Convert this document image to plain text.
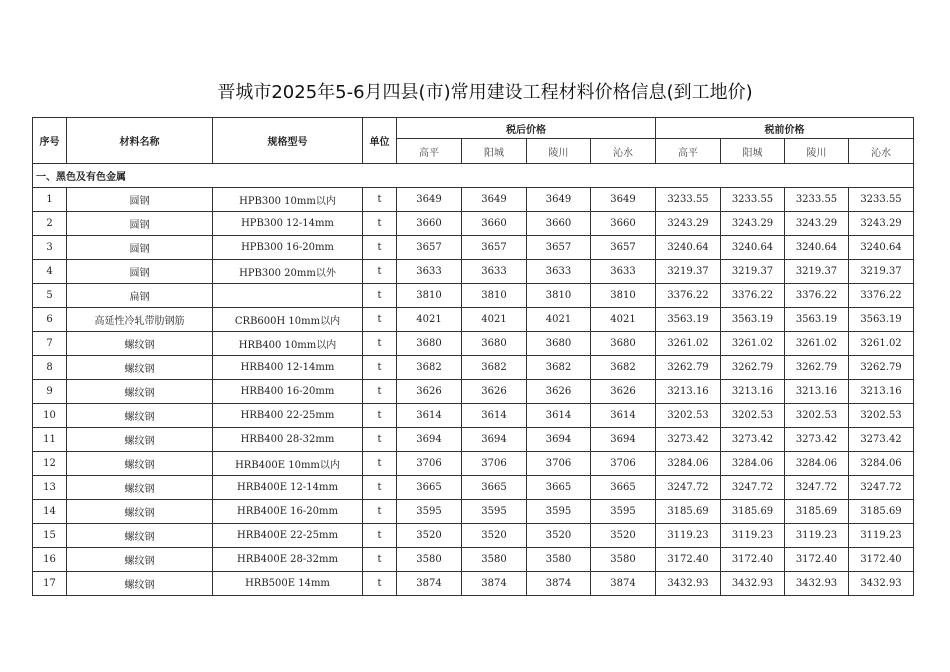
晋城市2025年5-6月四县(市)常用建设工程材料价格信息(到工地价)
序号	材料名称	规格型号	单位	税后价格				税前价格			
				高平	阳城	陵川	沁水	高平	阳城	陵川	沁水
一、黑色及有色金属											
1	圆钢	HPB300 10mm以内	t	3649	3649	3649	3649	3233.55	3233.55	3233.55	3233.55
2	圆钢	HPB300 12-14mm	t	3660	3660	3660	3660	3243.29	3243.29	3243.29	3243.29
3	圆钢	HPB300 16-20mm	t	3657	3657	3657	3657	3240.64	3240.64	3240.64	3240.64
4	圆钢	HPB300 20mm以外	t	3633	3633	3633	3633	3219.37	3219.37	3219.37	3219.37
5	扁钢		t	3810	3810	3810	3810	3376.22	3376.22	3376.22	3376.22
6	高延性冷轧带肋钢筋	CRB600H 10mm以内	t	4021	4021	4021	4021	3563.19	3563.19	3563.19	3563.19
7	螺纹钢	HRB400 10mm以内	t	3680	3680	3680	3680	3261.02	3261.02	3261.02	3261.02
8	螺纹钢	HRB400 12-14mm	t	3682	3682	3682	3682	3262.79	3262.79	3262.79	3262.79
9	螺纹钢	HRB400 16-20mm	t	3626	3626	3626	3626	3213.16	3213.16	3213.16	3213.16
10	螺纹钢	HRB400 22-25mm	t	3614	3614	3614	3614	3202.53	3202.53	3202.53	3202.53
11	螺纹钢	HRB400 28-32mm	t	3694	3694	3694	3694	3273.42	3273.42	3273.42	3273.42
12	螺纹钢	HRB400E 10mm以内	t	3706	3706	3706	3706	3284.06	3284.06	3284.06	3284.06
13	螺纹钢	HRB400E 12-14mm	t	3665	3665	3665	3665	3247.72	3247.72	3247.72	3247.72
14	螺纹钢	HRB400E 16-20mm	t	3595	3595	3595	3595	3185.69	3185.69	3185.69	3185.69
15	螺纹钢	HRB400E 22-25mm	t	3520	3520	3520	3520	3119.23	3119.23	3119.23	3119.23
16	螺纹钢	HRB400E 28-32mm	t	3580	3580	3580	3580	3172.40	3172.40	3172.40	3172.40
17	螺纹钢	HRB500E 14mm	t	3874	3874	3874	3874	3432.93	3432.93	3432.93	3432.93
